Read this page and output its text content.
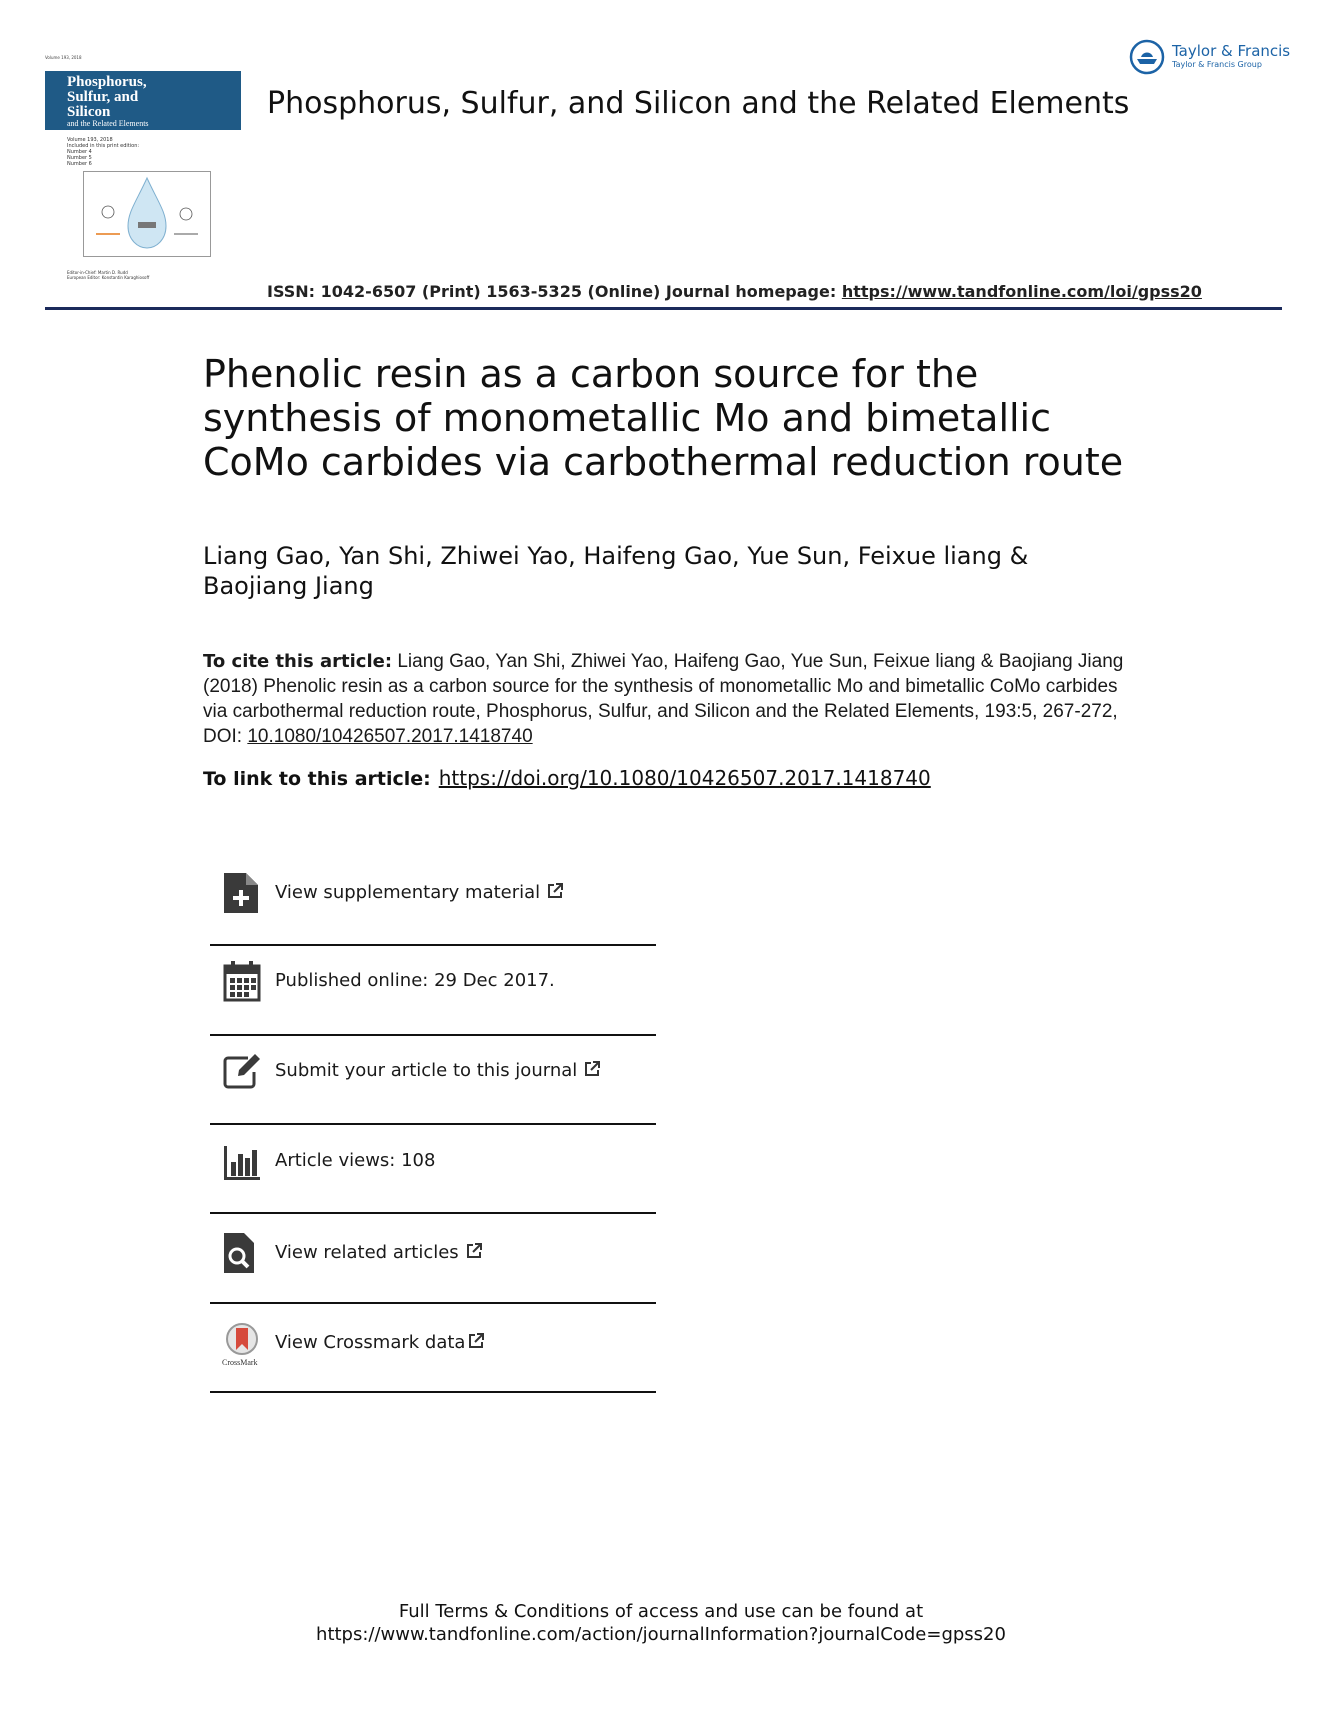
Volume 193, 2018
Phosphorus,
Sulfur, and
Silicon
and the Related Elements
Volume 193, 2018
Included in this print edition:
Number 4
Number 5
Number 6
Editor-in-Chief: Martin D. Rudd
European Editor: Konstantin Karaghiosoff
Taylor & Francis
Taylor & Francis Group
Phosphorus, Sulfur, and Silicon and the Related Elements
ISSN: 1042-6507 (Print) 1563-5325 (Online) Journal homepage: https://www.tandfonline.com/loi/gpss20
Phenolic resin as a carbon source for the synthesis of monometallic Mo and bimetallic CoMo carbides via carbothermal reduction route
Liang Gao, Yan Shi, Zhiwei Yao, Haifeng Gao, Yue Sun, Feixue liang & Baojiang Jiang
To cite this article: Liang Gao, Yan Shi, Zhiwei Yao, Haifeng Gao, Yue Sun, Feixue liang & Baojiang Jiang (2018) Phenolic resin as a carbon source for the synthesis of monometallic Mo and bimetallic CoMo carbides via carbothermal reduction route, Phosphorus, Sulfur, and Silicon and the Related Elements, 193:5, 267-272, DOI: 10.1080/10426507.2017.1418740
To link to this article: https://doi.org/10.1080/10426507.2017.1418740
View supplementary material
Published online: 29 Dec 2017.
Submit your article to this journal
Article views: 108
View related articles
CrossMark
View Crossmark data
Full Terms & Conditions of access and use can be found at
https://www.tandfonline.com/action/journalInformation?journalCode=gpss20
